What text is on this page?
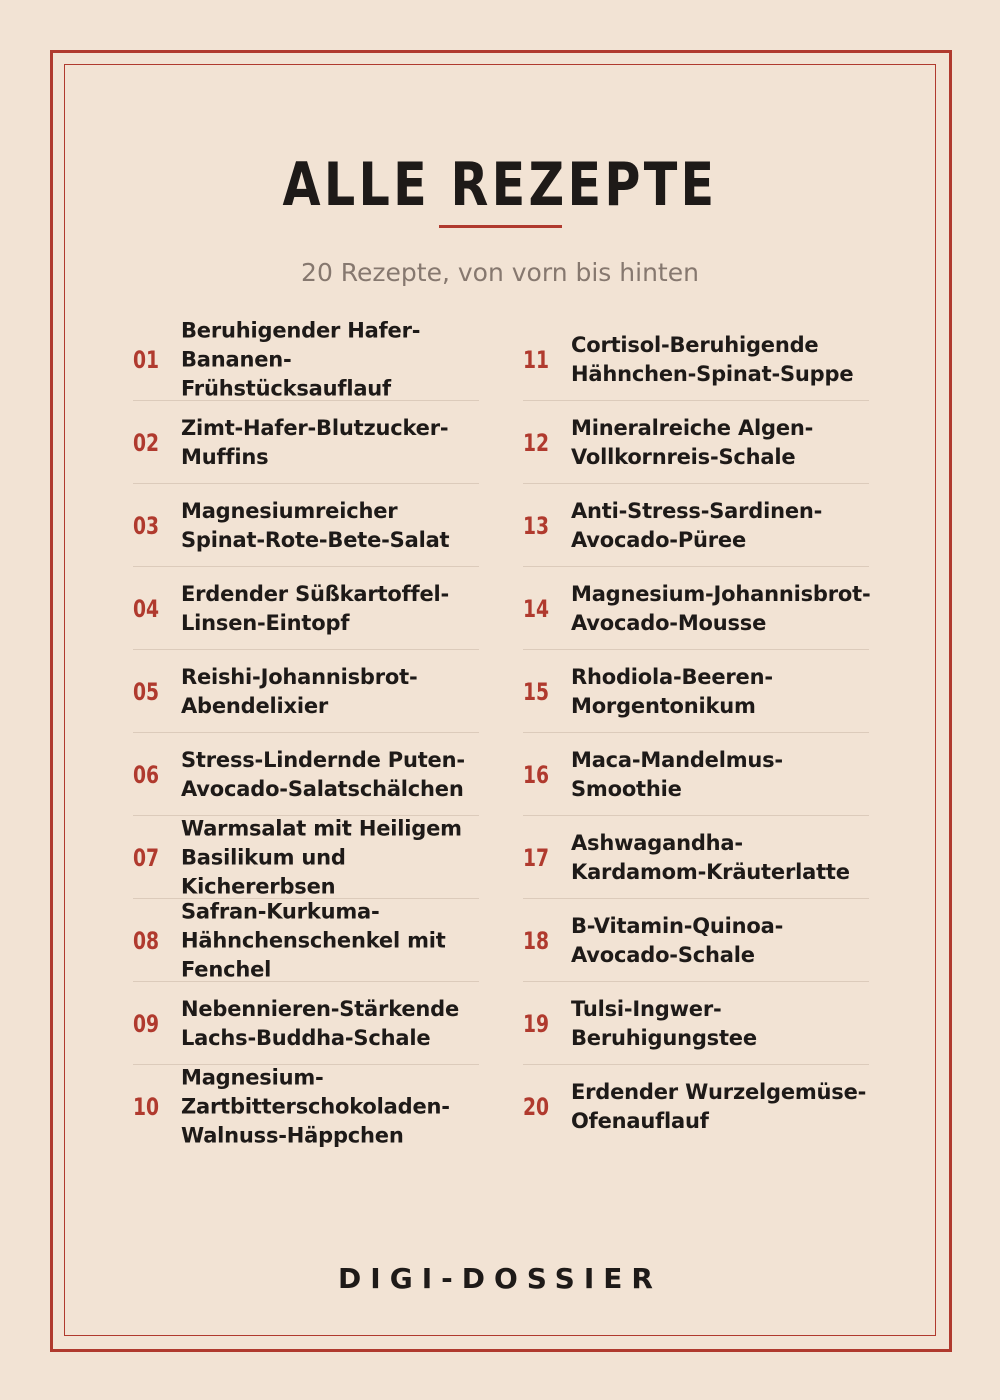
ALLE REZEPTE
20 Rezepte, von vorn bis hinten
01
Beruhigender Hafer-Bananen-Frühstücksauflauf
02
Zimt-Hafer-Blutzucker-Muffins
03
Magnesiumreicher Spinat-Rote-Bete-Salat
04
Erdender Süßkartoffel-Linsen-Eintopf
05
Reishi-Johannisbrot-Abendelixier
06
Stress-Lindernde Puten-Avocado-Salatschälchen
07
Warmsalat mit Heiligem Basilikum und Kichererbsen
08
Safran-Kurkuma-Hähnchenschenkel mit Fenchel
09
Nebennieren-Stärkende Lachs-Buddha-Schale
10
Magnesium-Zartbitterschokoladen-Walnuss-Häppchen
11
Cortisol-Beruhigende Hähnchen-Spinat-Suppe
12
Mineralreiche Algen-Vollkornreis-Schale
13
Anti-Stress-Sardinen-Avocado-Püree
14
Magnesium-Johannisbrot-Avocado-Mousse
15
Rhodiola-Beeren-Morgentonikum
16
Maca-Mandelmus-Smoothie
17
Ashwagandha-Kardamom-Kräuterlatte
18
B-Vitamin-Quinoa-Avocado-Schale
19
Tulsi-Ingwer-Beruhigungstee
20
Erdender Wurzelgemüse-Ofenauflauf
DIGI-DOSSIER
